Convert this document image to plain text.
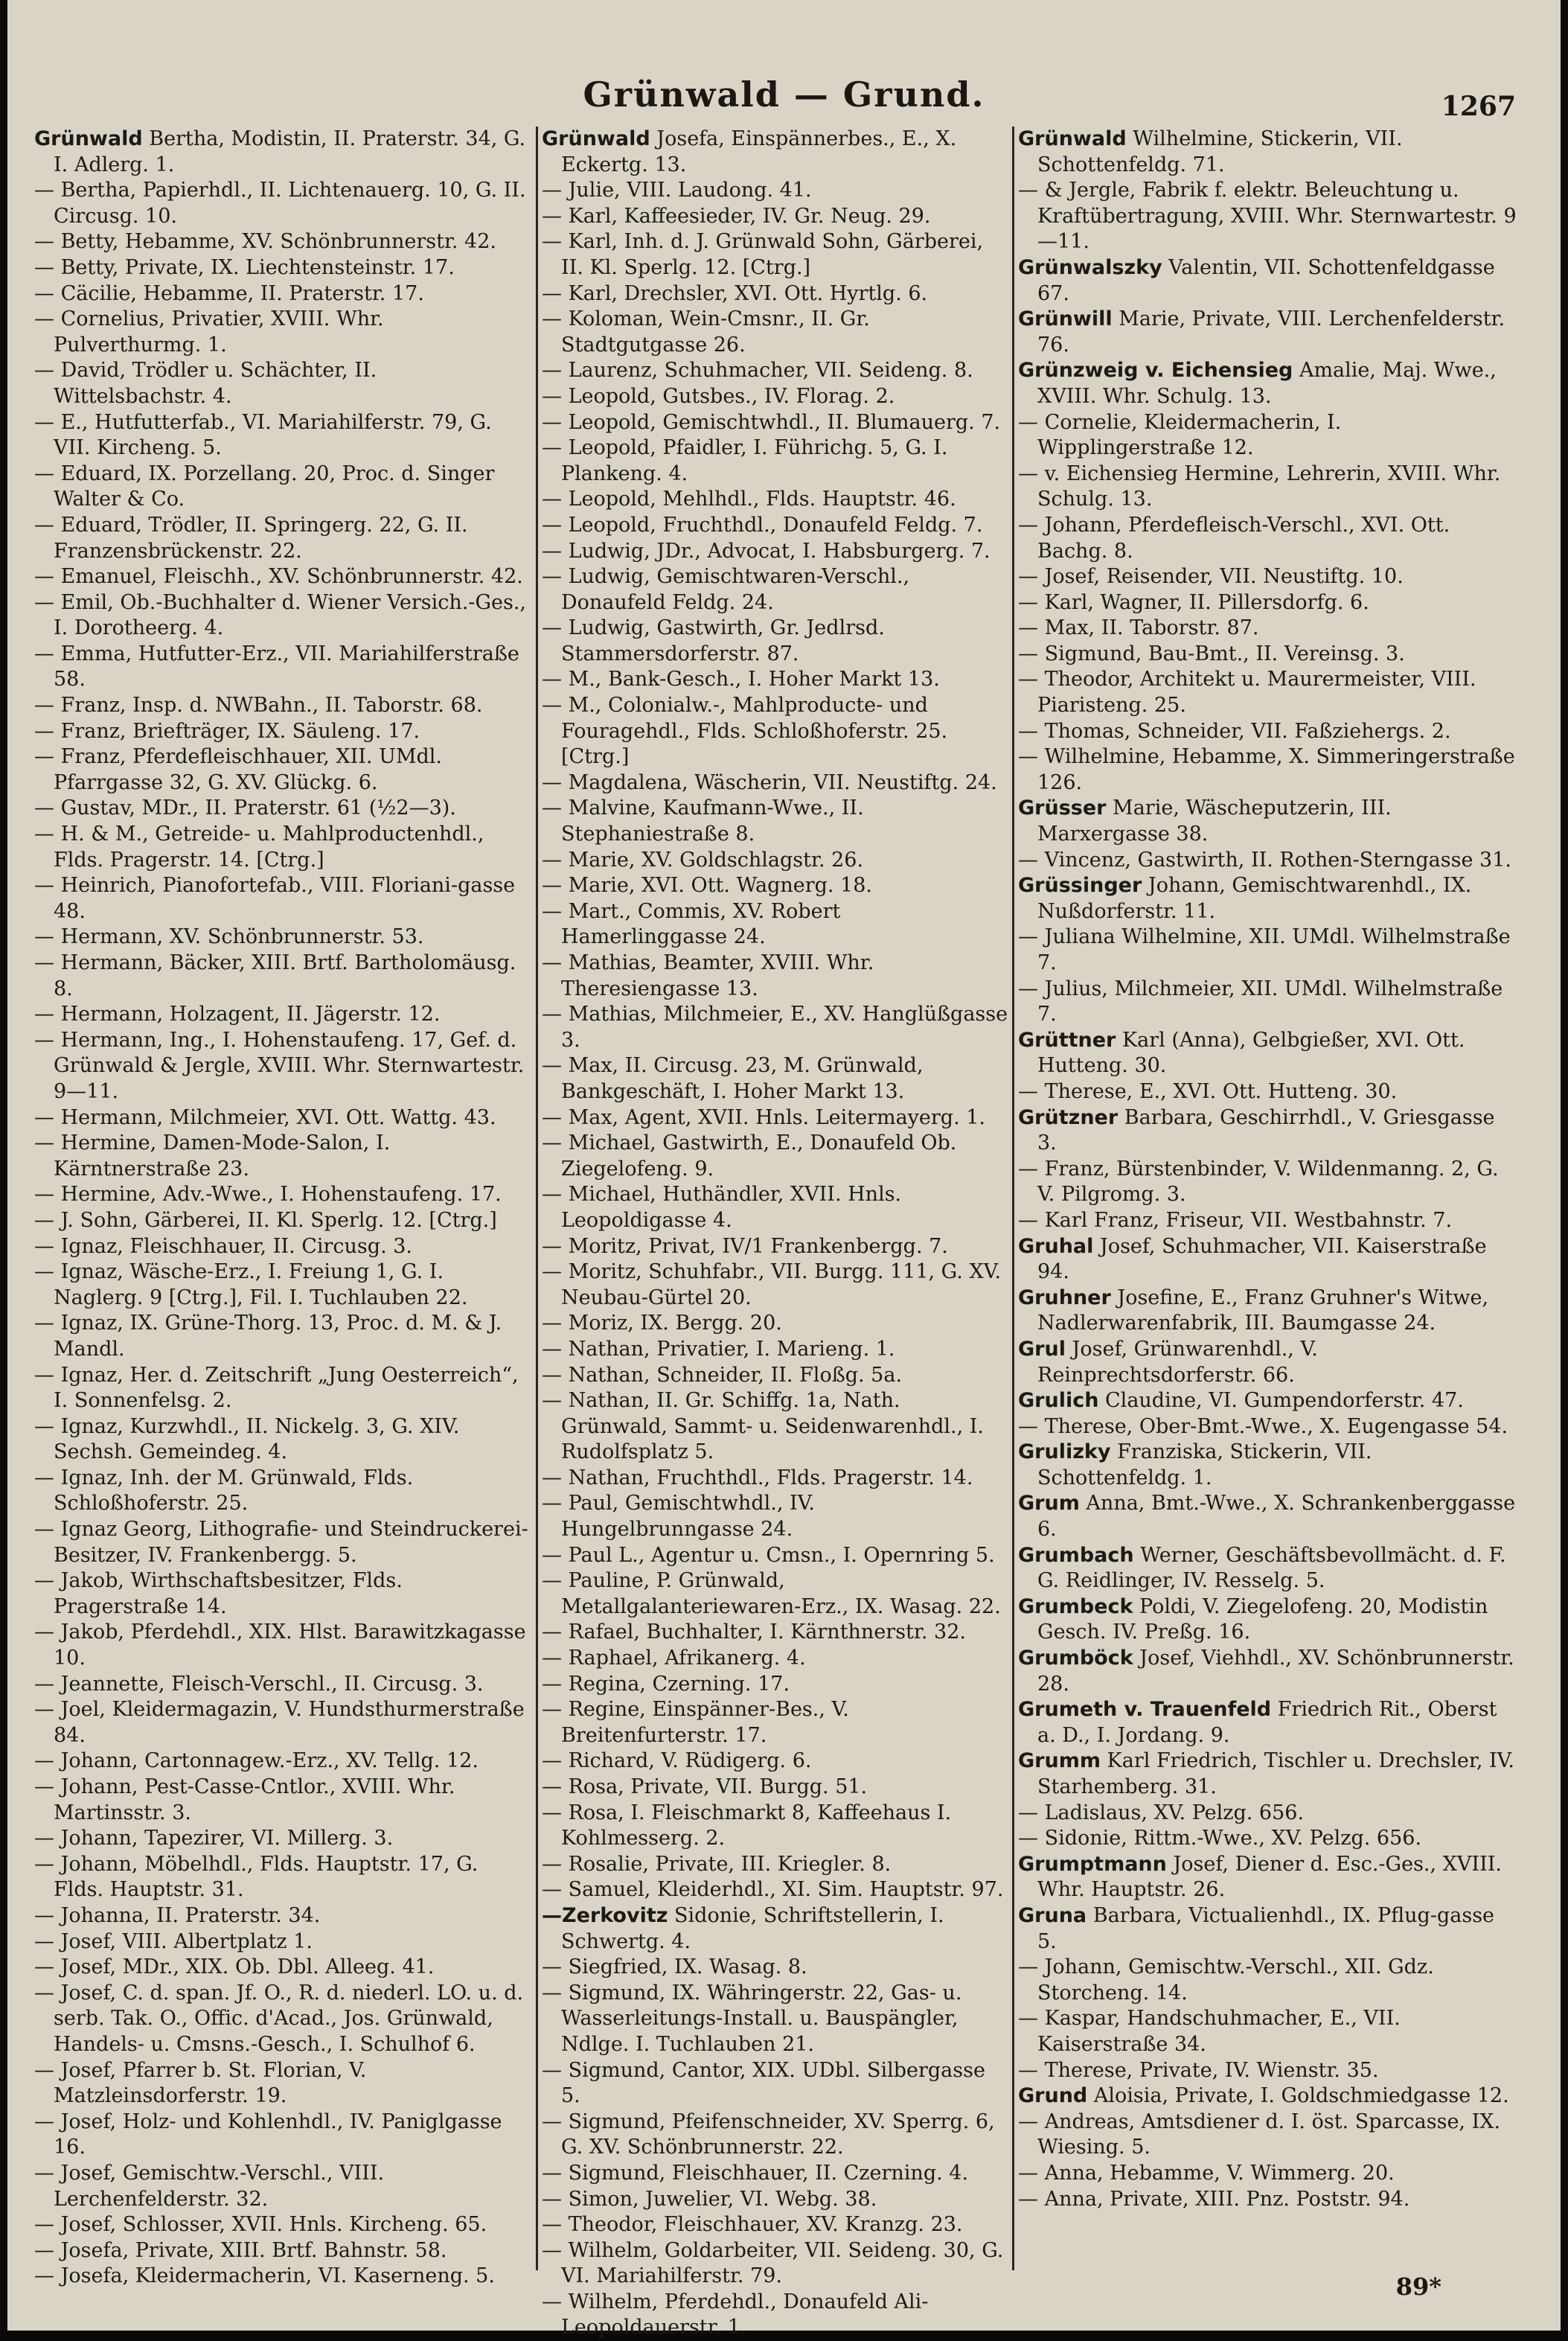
Grünwald — Grund.	1267
Grünwald Bertha, Modistin, II. Praterstr. 34, G. I. Adlerg. 1.
— Bertha, Papierhdl., II. Lichtenauerg. 10, G. II. Circusg. 10.
— Betty, Hebamme, XV. Schönbrunnerstr. 42.
— Betty, Private, IX. Liechtensteinstr. 17.
— Cäcilie, Hebamme, II. Praterstr. 17.
— Cornelius, Privatier, XVIII. Whr. Pulverthurmg. 1.
— David, Trödler u. Schächter, II. Wittelsbachstr. 4.
— E., Hutfutterfab., VI. Mariahilferstr. 79, G. VII. Kircheng. 5.
— Eduard, IX. Porzellang. 20, Proc. d. Singer Walter & Co.
— Eduard, Trödler, II. Springerg. 22, G. II. Franzensbrückenstr. 22.
— Emanuel, Fleischh., XV. Schönbrunnerstr. 42.
— Emil, Ob.-Buchhalter d. Wiener Versich.-Ges., I. Dorotheerg. 4.
— Emma, Hutfutter-Erz., VII. Mariahilferstraße 58.
— Franz, Insp. d. NWBahn., II. Taborstr. 68.
— Franz, Briefträger, IX. Säuleng. 17.
— Franz, Pferdefleischhauer, XII. UMdl. Pfarrgasse 32, G. XV. Glückg. 6.
— Gustav, MDr., II. Praterstr. 61 (½2—3).
— H. & M., Getreide- u. Mahlproductenhdl., Flds. Pragerstr. 14. [Ctrg.]
— Heinrich, Pianofortefab., VIII. Floriani-gasse 48.
— Hermann, XV. Schönbrunnerstr. 53.
— Hermann, Bäcker, XIII. Brtf. Bartholomäusg. 8.
— Hermann, Holzagent, II. Jägerstr. 12.
— Hermann, Ing., I. Hohenstaufeng. 17, Gef. d. Grünwald & Jergle, XVIII. Whr. Sternwartestr. 9—11.
— Hermann, Milchmeier, XVI. Ott. Wattg. 43.
— Hermine, Damen-Mode-Salon, I. Kärntnerstraße 23.
— Hermine, Adv.-Wwe., I. Hohenstaufeng. 17.
— J. Sohn, Gärberei, II. Kl. Sperlg. 12. [Ctrg.]
— Ignaz, Fleischhauer, II. Circusg. 3.
— Ignaz, Wäsche-Erz., I. Freiung 1, G. I. Naglerg. 9 [Ctrg.], Fil. I. Tuchlauben 22.
— Ignaz, IX. Grüne-Thorg. 13, Proc. d. M. & J. Mandl.
— Ignaz, Her. d. Zeitschrift „Jung Oesterreich“, I. Sonnenfelsg. 2.
— Ignaz, Kurzwhdl., II. Nickelg. 3, G. XIV. Sechsh. Gemeindeg. 4.
— Ignaz, Inh. der M. Grünwald, Flds. Schloßhoferstr. 25.
— Ignaz Georg, Lithografie- und Steindruckerei-Besitzer, IV. Frankenbergg. 5.
— Jakob, Wirthschaftsbesitzer, Flds. Pragerstraße 14.
— Jakob, Pferdehdl., XIX. Hlst. Barawitzkagasse 10.
— Jeannette, Fleisch-Verschl., II. Circusg. 3.
— Joel, Kleidermagazin, V. Hundsthurmerstraße 84.
— Johann, Cartonnagew.-Erz., XV. Tellg. 12.
— Johann, Pest-Casse-Cntlor., XVIII. Whr. Martinsstr. 3.
— Johann, Tapezirer, VI. Millerg. 3.
— Johann, Möbelhdl., Flds. Hauptstr. 17, G. Flds. Hauptstr. 31.
— Johanna, II. Praterstr. 34.
— Josef, VIII. Albertplatz 1.
— Josef, MDr., XIX. Ob. Dbl. Alleeg. 41.
— Josef, C. d. span. Jf. O., R. d. niederl. LO. u. d. serb. Tak. O., Offic. d'Acad., Jos. Grünwald, Handels- u. Cmsns.-Gesch., I. Schulhof 6.
— Josef, Pfarrer b. St. Florian, V. Matzleinsdorferstr. 19.
— Josef, Holz- und Kohlenhdl., IV. Paniglgasse 16.
— Josef, Gemischtw.-Verschl., VIII. Lerchenfelderstr. 32.
— Josef, Schlosser, XVII. Hnls. Kircheng. 65.
— Josefa, Private, XIII. Brtf. Bahnstr. 58.
— Josefa, Kleidermacherin, VI. Kaserneng. 5.
Grünwald Josefa, Einspännerbes., E., X. Eckertg. 13.
— Julie, VIII. Laudong. 41.
— Karl, Kaffeesieder, IV. Gr. Neug. 29.
— Karl, Inh. d. J. Grünwald Sohn, Gärberei, II. Kl. Sperlg. 12. [Ctrg.]
— Karl, Drechsler, XVI. Ott. Hyrtlg. 6.
— Koloman, Wein-Cmsnr., II. Gr. Stadtgutgasse 26.
— Laurenz, Schuhmacher, VII. Seideng. 8.
— Leopold, Gutsbes., IV. Florag. 2.
— Leopold, Gemischtwhdl., II. Blumauerg. 7.
— Leopold, Pfaidler, I. Führichg. 5, G. I. Plankeng. 4.
— Leopold, Mehlhdl., Flds. Hauptstr. 46.
— Leopold, Fruchthdl., Donaufeld Feldg. 7.
— Ludwig, JDr., Advocat, I. Habsburgerg. 7.
— Ludwig, Gemischtwaren-Verschl., Donaufeld Feldg. 24.
— Ludwig, Gastwirth, Gr. Jedlrsd. Stammersdorferstr. 87.
— M., Bank-Gesch., I. Hoher Markt 13.
— M., Colonialw.-, Mahlproducte- und Fouragehdl., Flds. Schloßhoferstr. 25. [Ctrg.]
— Magdalena, Wäscherin, VII. Neustiftg. 24.
— Malvine, Kaufmann-Wwe., II. Stephaniestraße 8.
— Marie, XV. Goldschlagstr. 26.
— Marie, XVI. Ott. Wagnerg. 18.
— Mart., Commis, XV. Robert Hamerlinggasse 24.
— Mathias, Beamter, XVIII. Whr. Theresiengasse 13.
— Mathias, Milchmeier, E., XV. Hanglüßgasse 3.
— Max, II. Circusg. 23, M. Grünwald, Bankgeschäft, I. Hoher Markt 13.
— Max, Agent, XVII. Hnls. Leitermayerg. 1.
— Michael, Gastwirth, E., Donaufeld Ob. Ziegelofeng. 9.
— Michael, Huthändler, XVII. Hnls. Leopoldigasse 4.
— Moritz, Privat, IV/1 Frankenbergg. 7.
— Moritz, Schuhfabr., VII. Burgg. 111, G. XV. Neubau-Gürtel 20.
— Moriz, IX. Bergg. 20.
— Nathan, Privatier, I. Marieng. 1.
— Nathan, Schneider, II. Floßg. 5a.
— Nathan, II. Gr. Schiffg. 1a, Nath. Grünwald, Sammt- u. Seidenwarenhdl., I. Rudolfsplatz 5.
— Nathan, Fruchthdl., Flds. Pragerstr. 14.
— Paul, Gemischtwhdl., IV. Hungelbrunngasse 24.
— Paul L., Agentur u. Cmsn., I. Opernring 5.
— Pauline, P. Grünwald, Metallgalanteriewaren-Erz., IX. Wasag. 22.
— Rafael, Buchhalter, I. Kärnthnerstr. 32.
— Raphael, Afrikanerg. 4.
— Regina, Czerning. 17.
— Regine, Einspänner-Bes., V. Breitenfurterstr. 17.
— Richard, V. Rüdigerg. 6.
— Rosa, Private, VII. Burgg. 51.
— Rosa, I. Fleischmarkt 8, Kaffeehaus I. Kohlmesserg. 2.
— Rosalie, Private, III. Kriegler. 8.
— Samuel, Kleiderhdl., XI. Sim. Hauptstr. 97.
—Zerkovitz Sidonie, Schriftstellerin, I. Schwertg. 4.
— Siegfried, IX. Wasag. 8.
— Sigmund, IX. Währingerstr. 22, Gas- u. Wasserleitungs-Install. u. Bauspängler, Ndlge. I. Tuchlauben 21.
— Sigmund, Cantor, XIX. UDbl. Silbergasse 5.
— Sigmund, Pfeifenschneider, XV. Sperrg. 6, G. XV. Schönbrunnerstr. 22.
— Sigmund, Fleischhauer, II. Czerning. 4.
— Simon, Juwelier, VI. Webg. 38.
— Theodor, Fleischhauer, XV. Kranzg. 23.
— Wilhelm, Goldarbeiter, VII. Seideng. 30, G. VI. Mariahilferstr. 79.
— Wilhelm, Pferdehdl., Donaufeld Ali-Leopoldauerstr. 1.
Grünwald Wilhelmine, Stickerin, VII. Schottenfeldg. 71.
— & Jergle, Fabrik f. elektr. Beleuchtung u. Kraftübertragung, XVIII. Whr. Sternwartestr. 9—11.
Grünwalszky Valentin, VII. Schottenfeldgasse 67.
Grünwill Marie, Private, VIII. Lerchenfelderstr. 76.
Grünzweig v. Eichensieg Amalie, Maj. Wwe., XVIII. Whr. Schulg. 13.
— Cornelie, Kleidermacherin, I. Wipplingerstraße 12.
— v. Eichensieg Hermine, Lehrerin, XVIII. Whr. Schulg. 13.
— Johann, Pferdefleisch-Verschl., XVI. Ott. Bachg. 8.
— Josef, Reisender, VII. Neustiftg. 10.
— Karl, Wagner, II. Pillersdorfg. 6.
— Max, II. Taborstr. 87.
— Sigmund, Bau-Bmt., II. Vereinsg. 3.
— Theodor, Architekt u. Maurermeister, VIII. Piaristeng. 25.
— Thomas, Schneider, VII. Faßziehergs. 2.
— Wilhelmine, Hebamme, X. Simmeringerstraße 126.
Grüsser Marie, Wäscheputzerin, III. Marxergasse 38.
— Vincenz, Gastwirth, II. Rothen-Sterngasse 31.
Grüssinger Johann, Gemischtwarenhdl., IX. Nußdorferstr. 11.
— Juliana Wilhelmine, XII. UMdl. Wilhelmstraße 7.
— Julius, Milchmeier, XII. UMdl. Wilhelmstraße 7.
Grüttner Karl (Anna), Gelbgießer, XVI. Ott. Hutteng. 30.
— Therese, E., XVI. Ott. Hutteng. 30.
Grützner Barbara, Geschirrhdl., V. Griesgasse 3.
— Franz, Bürstenbinder, V. Wildenmanng. 2, G. V. Pilgromg. 3.
— Karl Franz, Friseur, VII. Westbahnstr. 7.
Gruhal Josef, Schuhmacher, VII. Kaiserstraße 94.
Gruhner Josefine, E., Franz Gruhner's Witwe, Nadlerwarenfabrik, III. Baumgasse 24.
Grul Josef, Grünwarenhdl., V. Reinprechtsdorferstr. 66.
Grulich Claudine, VI. Gumpendorferstr. 47.
— Therese, Ober-Bmt.-Wwe., X. Eugengasse 54.
Grulizky Franziska, Stickerin, VII. Schottenfeldg. 1.
Grum Anna, Bmt.-Wwe., X. Schrankenberggasse 6.
Grumbach Werner, Geschäftsbevollmächt. d. F. G. Reidlinger, IV. Resselg. 5.
Grumbeck Poldi, V. Ziegelofeng. 20, Modistin Gesch. IV. Preßg. 16.
Grumböck Josef, Viehhdl., XV. Schönbrunnerstr. 28.
Grumeth v. Trauenfeld Friedrich Rit., Oberst a. D., I. Jordang. 9.
Grumm Karl Friedrich, Tischler u. Drechsler, IV. Starhemberg. 31.
— Ladislaus, XV. Pelzg. 656.
— Sidonie, Rittm.-Wwe., XV. Pelzg. 656.
Grumptmann Josef, Diener d. Esc.-Ges., XVIII. Whr. Hauptstr. 26.
Gruna Barbara, Victualienhdl., IX. Pflug-gasse 5.
— Johann, Gemischtw.-Verschl., XII. Gdz. Storcheng. 14.
— Kaspar, Handschuhmacher, E., VII. Kaiserstraße 34.
— Therese, Private, IV. Wienstr. 35.
Grund Aloisia, Private, I. Goldschmiedgasse 12.
— Andreas, Amtsdiener d. I. öst. Sparcasse, IX. Wiesing. 5.
— Anna, Hebamme, V. Wimmerg. 20.
— Anna, Private, XIII. Pnz. Poststr. 94.
89*
